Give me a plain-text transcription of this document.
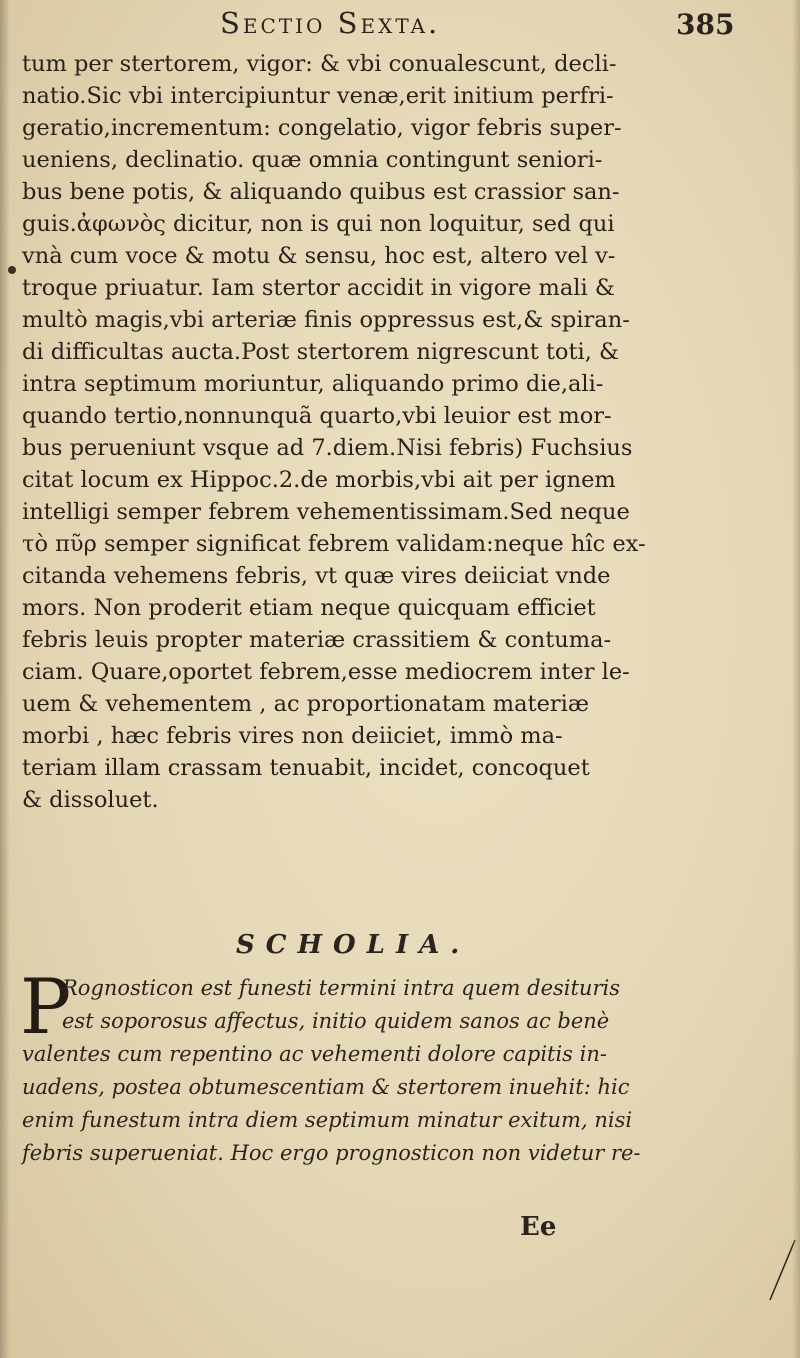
Sectio Sexta.	385
tum per stertorem, vigor: & vbi conualescunt, decli-
natio.Sic vbi intercipiuntur venæ,erit initium perfri-
geratio,incrementum: congelatio, vigor febris super-
ueniens, declinatio. quæ omnia contingunt seniori-
bus bene potis, & aliquando quibus est crassior san-
guis.ἀφωνὸς dicitur, non is qui non loquitur, sed qui
vnà cum voce & motu & sensu, hoc est, altero vel v-
troque priuatur. Iam stertor accidit in vigore mali &
multò magis,vbi arteriæ finis oppressus est,& spiran-
di difficultas aucta.Post stertorem nigrescunt toti, &
intra septimum moriuntur, aliquando primo die,ali-
quando tertio,nonnunquã quarto,vbi leuior est mor-
bus perueniunt vsque ad 7.diem.Nisi febris) Fuchsius
citat locum ex Hippoc.2.de morbis,vbi ait per ignem
intelligi semper febrem vehementissimam.Sed neque
τὸ πῦρ semper significat febrem validam:neque hîc ex-
citanda vehemens febris, vt quæ vires deiiciat vnde
mors. Non proderit etiam neque quicquam efficiet
febris leuis propter materiæ crassitiem & contuma-
ciam. Quare,oportet febrem,esse mediocrem inter le-
uem & vehementem , ac proportionatam materiæ
morbi , hæc febris vires non deiiciet, immò ma-
teriam illam crassam tenuabit, incidet, concoquet
& dissoluet.
SCHOLIA.
P
Rognosticon est funesti termini intra quem desituris
est soporosus affectus, initio quidem sanos ac benè
valentes cum repentino ac vehementi dolore capitis in-
uadens, postea obtumescentiam & stertorem inuehit: hic
enim funestum intra diem septimum minatur exitum, nisi
febris superueniat. Hoc ergo prognosticon non videtur re-
Ee
